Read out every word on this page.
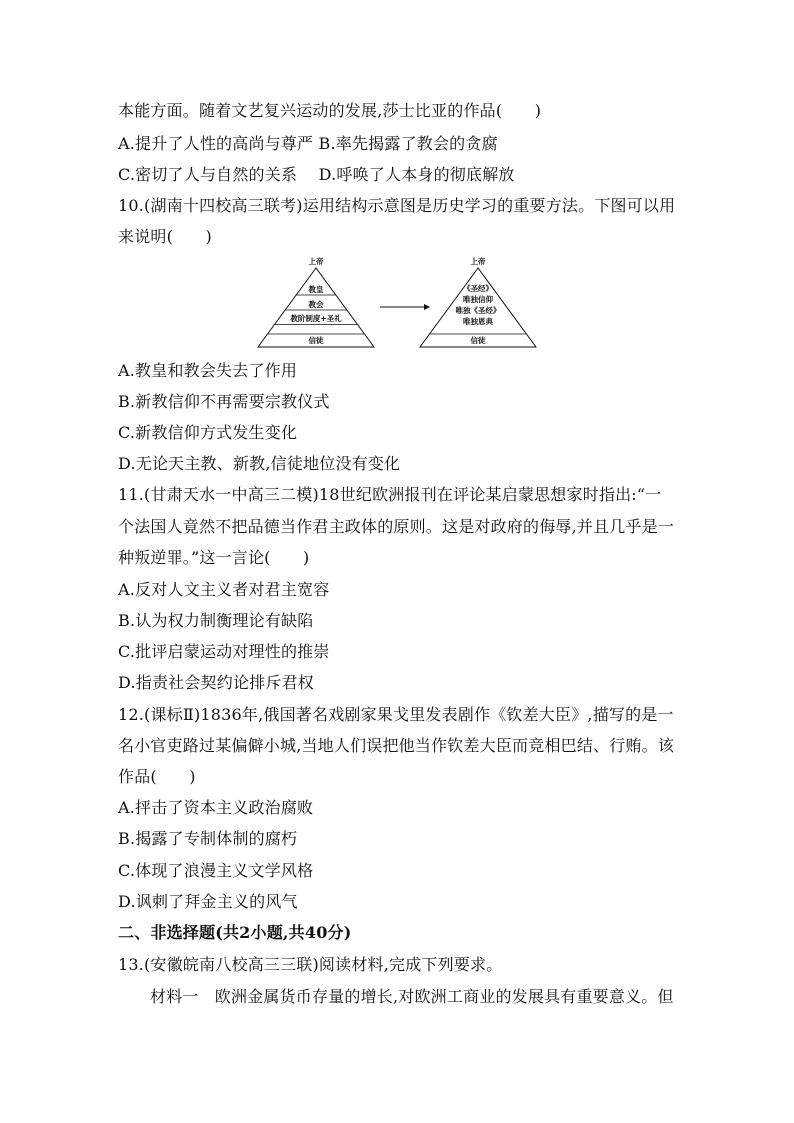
本能方面。随着文艺复兴运动的发展,莎士比亚的作品(　　)
A.提升了人性的高尚与尊严 B.率先揭露了教会的贪腐
C.密切了人与自然的关系　 D.呼唤了人本身的彻底解放
10.(湖南十四校高三联考)运用结构示意图是历史学习的重要方法。下图可以用
来说明(　　)
上帝
教皇
教会
教阶制度+圣礼
信徒
上帝
《圣经》
唯独信仰
唯独《圣经》
唯独恩典
信徒
A.教皇和教会失去了作用
B.新教信仰不再需要宗教仪式
C.新教信仰方式发生变化
D.无论天主教、新教,信徒地位没有变化
11.(甘肃天水一中高三二模)18世纪欧洲报刊在评论某启蒙思想家时指出:“一
个法国人竟然不把品德当作君主政体的原则。这是对政府的侮辱,并且几乎是一
种叛逆罪。”这一言论(　　)
A.反对人文主义者对君主宽容
B.认为权力制衡理论有缺陷
C.批评启蒙运动对理性的推崇
D.指责社会契约论排斥君权
12.(课标Ⅱ)1836年,俄国著名戏剧家果戈里发表剧作《钦差大臣》,描写的是一
名小官吏路过某偏僻小城,当地人们误把他当作钦差大臣而竞相巴结、行贿。该
作品(　　)
A.抨击了资本主义政治腐败
B.揭露了专制体制的腐朽
C.体现了浪漫主义文学风格
D.讽刺了拜金主义的风气
二、非选择题(共2小题,共40分)
13.(安徽皖南八校高三三联)阅读材料,完成下列要求。
材料一　欧洲金属货币存量的增长,对欧洲工商业的发展具有重要意义。但
